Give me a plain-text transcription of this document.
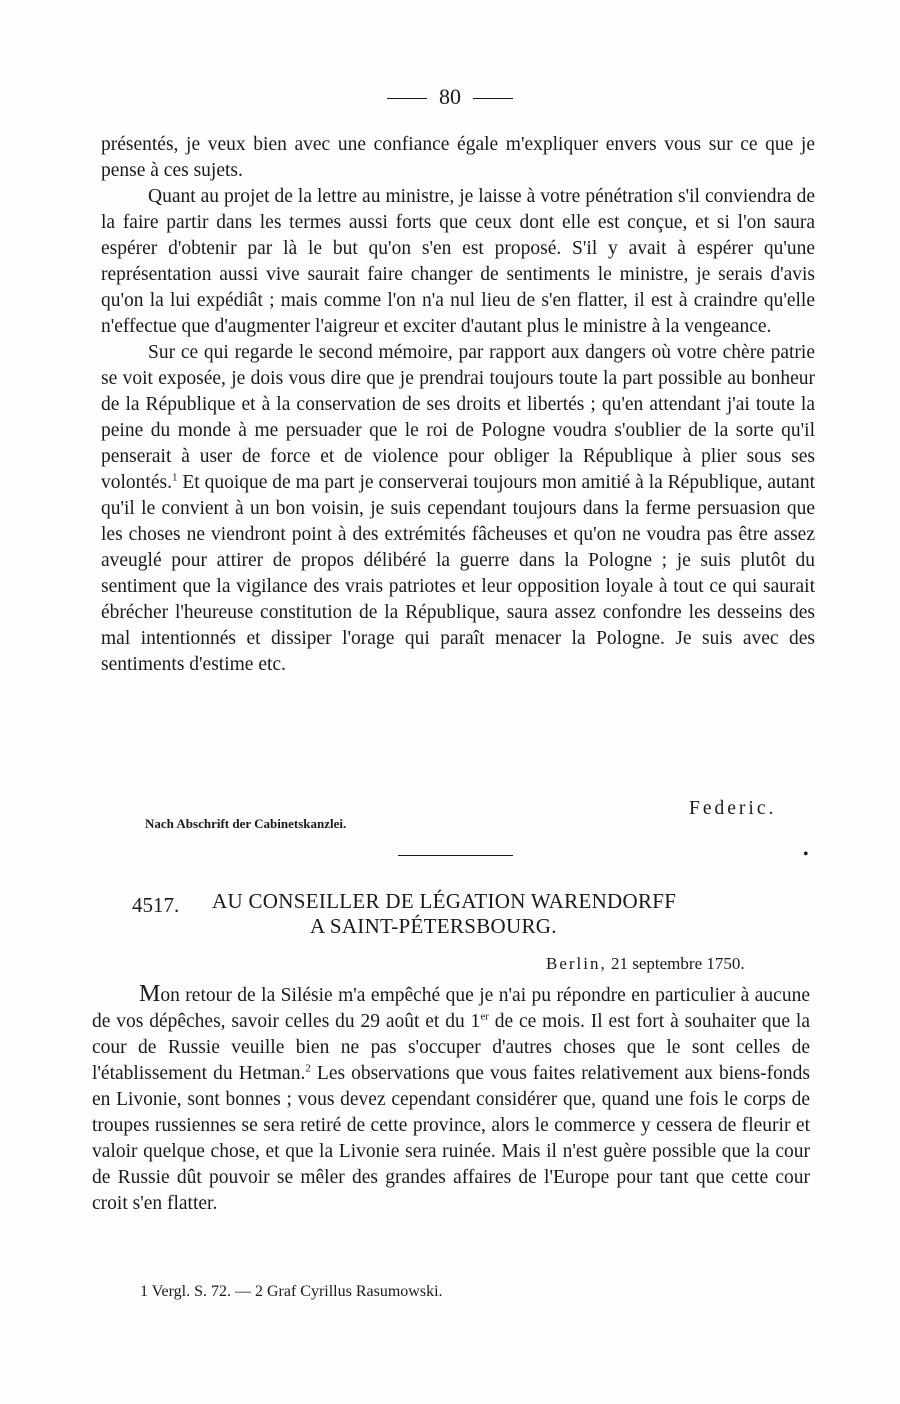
80

présentés, je veux bien avec une confiance égale m'expliquer envers vous sur ce que je pense à ces sujets.

Quant au projet de la lettre au ministre, je laisse à votre pénétration s'il conviendra de la faire partir dans les termes aussi forts que ceux dont elle est conçue, et si l'on saura espérer d'obtenir par là le but qu'on s'en est proposé. S'il y avait à espérer qu'une représentation aussi vive saurait faire changer de sentiments le ministre, je serais d'avis qu'on la lui expédiât ; mais comme l'on n'a nul lieu de s'en flatter, il est à craindre qu'elle n'effectue que d'augmenter l'aigreur et exciter d'autant plus le ministre à la vengeance.

Sur ce qui regarde le second mémoire, par rapport aux dangers où votre chère patrie se voit exposée, je dois vous dire que je prendrai toujours toute la part possible au bonheur de la République et à la conservation de ses droits et libertés ; qu'en attendant j'ai toute la peine du monde à me persuader que le roi de Pologne voudra s'oublier de la sorte qu'il penserait à user de force et de violence pour obliger la République à plier sous ses volontés.$^1$ Et quoique de ma part je conserverai toujours mon amitié à la République, autant qu'il le convient à un bon voisin, je suis cependant toujours dans la ferme persuasion que les choses ne viendront point à des extrémités fâcheuses et qu'on ne voudra pas être assez aveuglé pour attirer de propos délibéré la guerre dans la Pologne ; je suis plutôt du sentiment que la vigilance des vrais patriotes et leur opposition loyale à tout ce qui saurait ébrécher l'heureuse constitution de la République, saura assez confondre les desseins des mal intentionnés et dissiper l'orage qui paraît menacer la Pologne. Je suis avec des sentiments d'estime etc.

Federic.
Nach Abschrift der Cabinetskanzlei.
•
4517. AU CONSEILLER DE LÉGATION WARENDORFF
A SAINT-PÉTERSBOURG.
Berlin, 21 septembre 1750.

Mon retour de la Silésie m'a empêché que je n'ai pu répondre en particulier à aucune de vos dépêches, savoir celles du 29 août et du 1er de ce mois. Il est fort à souhaiter que la cour de Russie veuille bien ne pas s'occuper d'autres choses que le sont celles de l'établissement du Hetman.$^2$ Les observations que vous faites relativement aux biens-fonds en Livonie, sont bonnes ; vous devez cependant considérer que, quand une fois le corps de troupes russiennes se sera retiré de cette province, alors le commerce y cessera de fleurir et valoir quelque chose, et que la Livonie sera ruinée. Mais il n'est guère possible que la cour de Russie dût pouvoir se mêler des grandes affaires de l'Europe pour tant que cette cour croit s'en flatter.

1 Vergl. S. 72. — 2 Graf Cyrillus Rasumowski.
